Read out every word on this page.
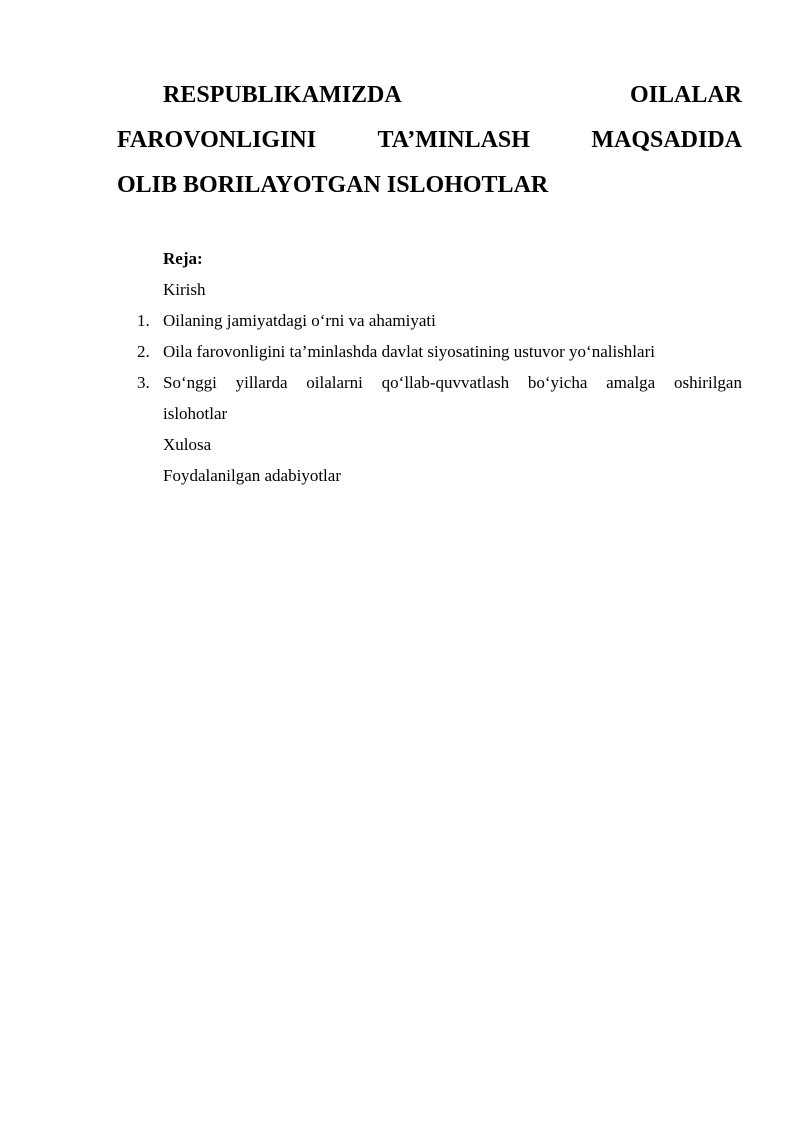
RESPUBLIKAMIZDA	OILALAR
FAROVONLIGINI	TA’MINLASH	MAQSADIDA
OLIB BORILAYOTGAN ISLOHOTLAR
Reja:
Kirish
1. Oilaning jamiyatdagi o‘rni va ahamiyati
2. Oila farovonligini ta’minlashda davlat siyosatining ustuvor yo‘nalishlari
3. So‘nggi yillarda oilalarni qo‘llab-quvvatlash bo‘yicha amalga oshirilgan
islohotlar
Xulosa
Foydalanilgan adabiyotlar
